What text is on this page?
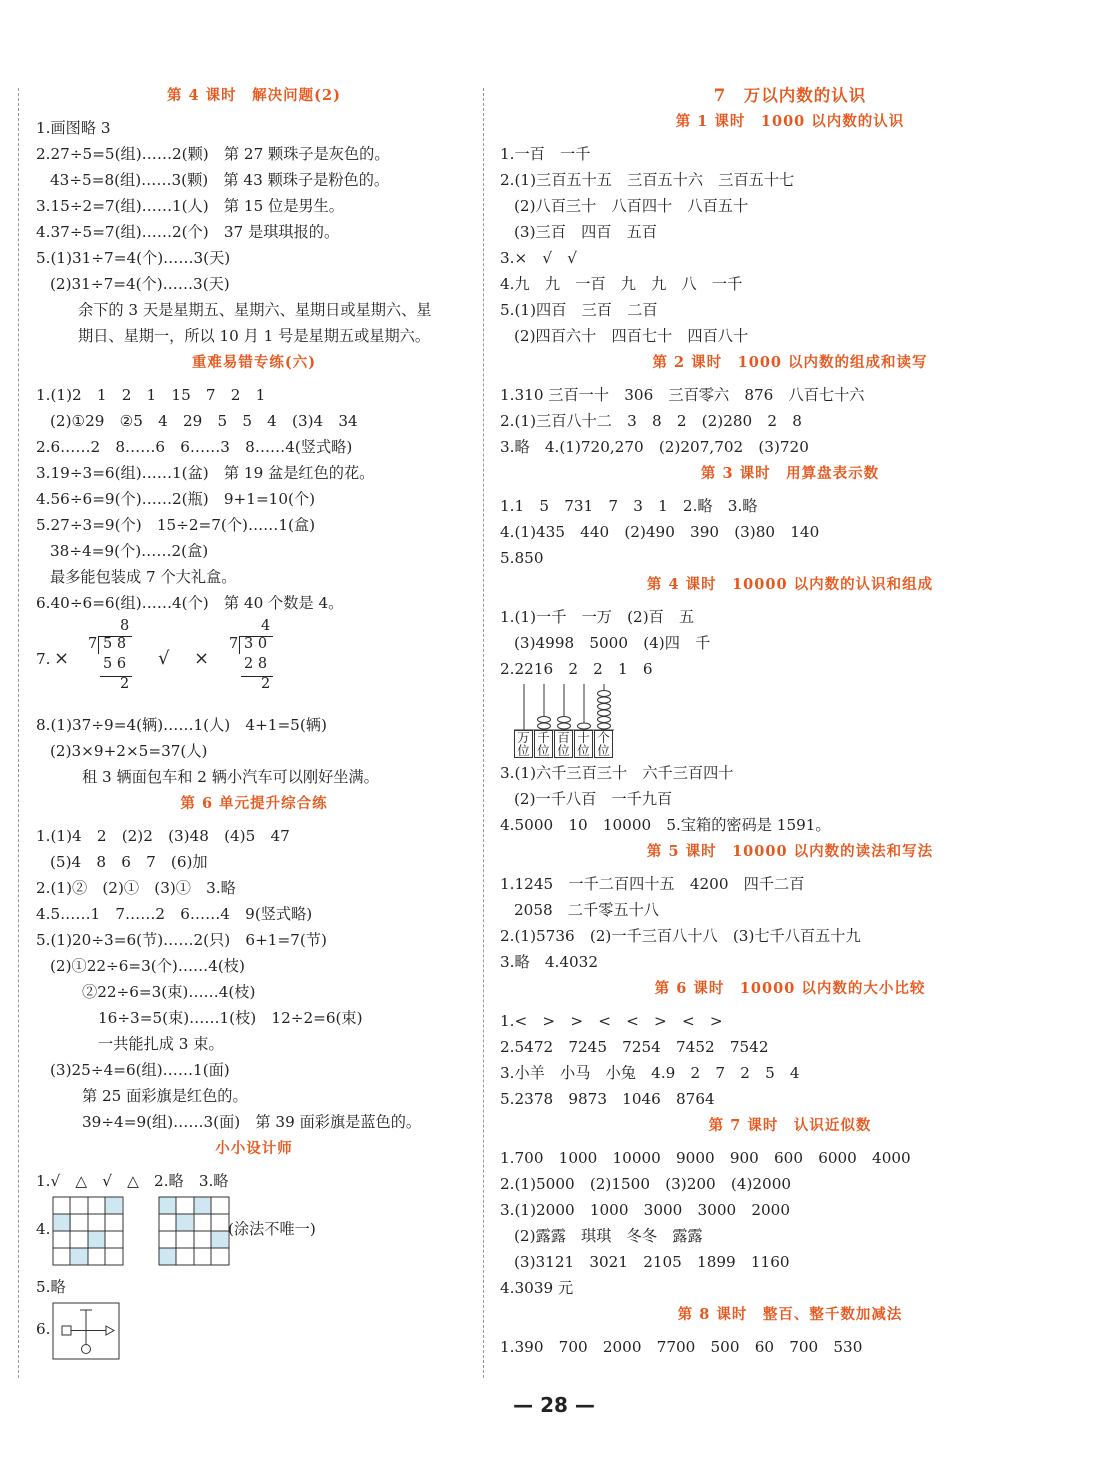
第 4 课时　解决问题(2)
1.画图略 3
2.27÷5=5(组)……2(颗)　第 27 颗珠子是灰色的。
43÷5=8(组)……3(颗)　第 43 颗珠子是粉色的。
3.15÷2=7(组)……1(人)　第 15 位是男生。
4.37÷5=7(组)……2(个)　37 是琪琪报的。
5.(1)31÷7=4(个)……3(天)
(2)31÷7=4(个)……3(天)
余下的 3 天是星期五、星期六、星期日或星期六、星
期日、星期一，所以 10 月 1 号是星期五或星期六。
重难易错专练(六)
1.(1)2　1　2　1　15　7　2　1
(2)①29　②5　4　29　5　5　4　(3)4　34
2.6……2　8……6　6……3　8……4(竖式略)
3.19÷3=6(组)……1(盆)　第 19 盆是红色的花。
4.56÷6=9(个)……2(瓶)　9+1=10(个)
5.27÷3=9(个)　15÷2=7(个)……1(盒)
38÷4=9(个)……2(盒)
最多能包装成 7 个大礼盒。
6.40÷6=6(组)……4(个)　第 40 个数是 4。
7. ×
8
7 5 8
5 6
2
√ ×
4
7 3 0
2 8
2
8.(1)37÷9=4(辆)……1(人)　4+1=5(辆)
(2)3×9+2×5=37(人)
租 3 辆面包车和 2 辆小汽车可以刚好坐满。
第 6 单元提升综合练
1.(1)4　2　(2)2　(3)48　(4)5　47
(5)4　8　6　7　(6)加
2.(1)②　(2)①　(3)①　3.略
4.5……1　7……2　6……4　9(竖式略)
5.(1)20÷3=6(节)……2(只)　6+1=7(节)
(2)①22÷6=3(个)……4(枝)
②22÷6=3(束)……4(枝)
16÷3=5(束)……1(枝)　12÷2=6(束)
一共能扎成 3 束。
(3)25÷4=6(组)……1(面)
第 25 面彩旗是红色的。
39÷4=9(组)……3(面)　第 39 面彩旗是蓝色的。
小小设计师
1.√　△　√　△　2.略　3.略
4.	(涂法不唯一)
5.略
6.
7　万以内数的认识
第 1 课时　1000 以内数的认识
1.一百　一千
2.(1)三百五十五　三百五十六　三百五十七
(2)八百三十　八百四十　八百五十
(3)三百　四百　五百
3.×　√　√
4.九　九　一百　九　九　八　一千
5.(1)四百　三百　二百
(2)四百六十　四百七十　四百八十
第 2 课时　1000 以内数的组成和读写
1.310 三百一十　306　三百零六　876　八百七十六
2.(1)三百八十二　3　8　2　(2)280　2　8
3.略　4.(1)720,270　(2)207,702　(3)720
第 3 课时　用算盘表示数
1.1　5　731　7　3　1　2.略　3.略
4.(1)435　440　(2)490　390　(3)80　140
5.850
第 4 课时　10000 以内数的认识和组成
1.(1)一千　一万　(2)百　五
(3)4998　5000　(4)四　千
2.2216　2　2　1　6
万
位
千
位
百
位
十
位
个
位
3.(1)六千三百三十　六千三百四十
(2)一千八百　一千九百
4.5000　10　10000　5.宝箱的密码是 1591。
第 5 课时　10000 以内数的读法和写法
1.1245　一千二百四十五　4200　四千二百
2058　二千零五十八
2.(1)5736　(2)一千三百八十八　(3)七千八百五十九
3.略　4.4032
第 6 课时　10000 以内数的大小比较
1.<　>　>　<　<　>　<　>
2.5472　7245　7254　7452　7542
3.小羊　小马　小兔　4.9　2　7　2　5　4
5.2378　9873　1046　8764
第 7 课时　认识近似数
1.700　1000　10000　9000　900　600　6000　4000
2.(1)5000　(2)1500　(3)200　(4)2000
3.(1)2000　1000　3000　3000　2000
(2)露露　琪琪　冬冬　露露
(3)3121　3021　2105　1899　1160
4.3039 元
第 8 课时　整百、整千数加减法
1.390　700　2000　7700　500　60　700　530
— 28 —
